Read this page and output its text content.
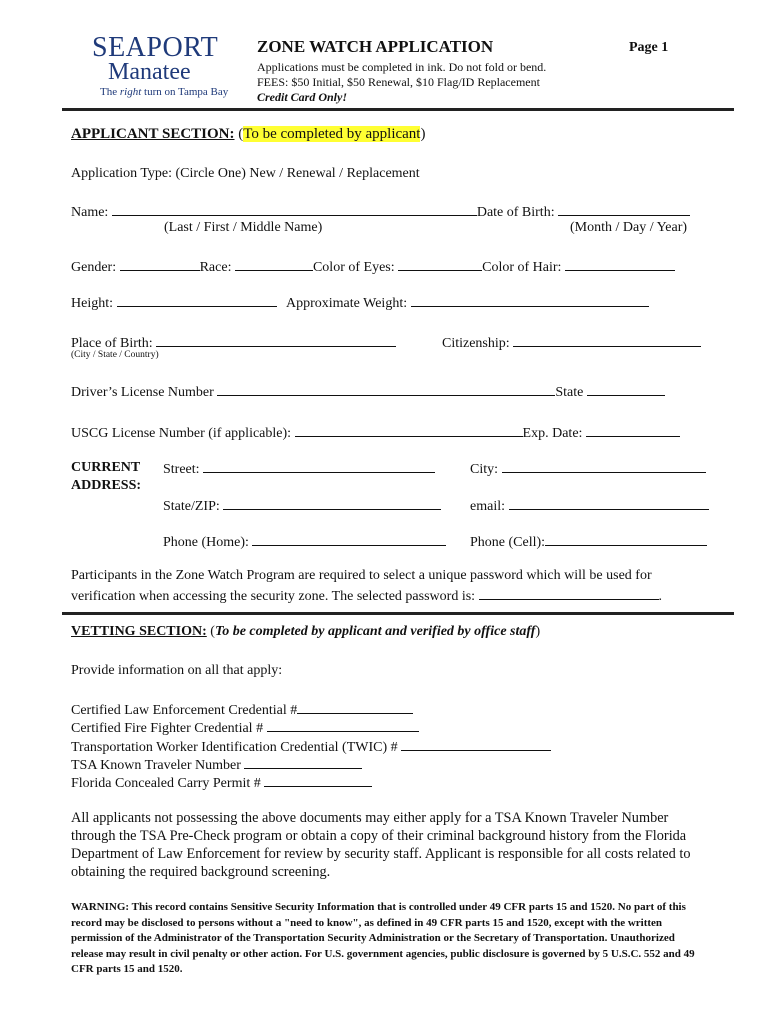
SEAPORT
Manatee
The right turn on Tampa Bay
ZONE WATCH APPLICATION	Page 1
Applications must be completed in ink. Do not fold or bend.
FEES: $50 Initial, $50 Renewal, $10 Flag/ID Replacement
Credit Card Only!
APPLICANT SECTION: (To be completed by applicant)
Application Type: (Circle One) New / Renewal / Replacement
Name:	Date of Birth:
(Last / First / Middle Name)	(Month / Day / Year)
Gender:	Race:	Color of Eyes:	Color of Hair:
Height:	Approximate Weight:
Place of Birth:	Citizenship:
(City / State / Country)
Driver’s License Number	State
USCG License Number (if applicable):	Exp. Date:
CURRENT
ADDRESS:
Street:	City:
State/ZIP:	email:
Phone (Home):	Phone (Cell):
Participants in the Zone Watch Program are required to select a unique password which will be used for
verification when accessing the security zone. The selected password is:	.
VETTING SECTION: (To be completed by applicant and verified by office staff)
Provide information on all that apply:
Certified Law Enforcement Credential #
Certified Fire Fighter Credential #
Transportation Worker Identification Credential (TWIC) #
TSA Known Traveler Number
Florida Concealed Carry Permit #
All applicants not possessing the above documents may either apply for a TSA Known Traveler Number through the TSA Pre-Check program or obtain a copy of their criminal background history from the Florida Department of Law Enforcement for review by security staff. Applicant is responsible for all costs related to obtaining the required background screening.
WARNING: This record contains Sensitive Security Information that is controlled under 49 CFR parts 15 and 1520. No part of this record may be disclosed to persons without a "need to know", as defined in 49 CFR parts 15 and 1520, except with the written permission of the Administrator of the Transportation Security Administration or the Secretary of Transportation. Unauthorized release may result in civil penalty or other action. For U.S. government agencies, public disclosure is governed by 5 U.S.C. 552 and 49 CFR parts 15 and 1520.
